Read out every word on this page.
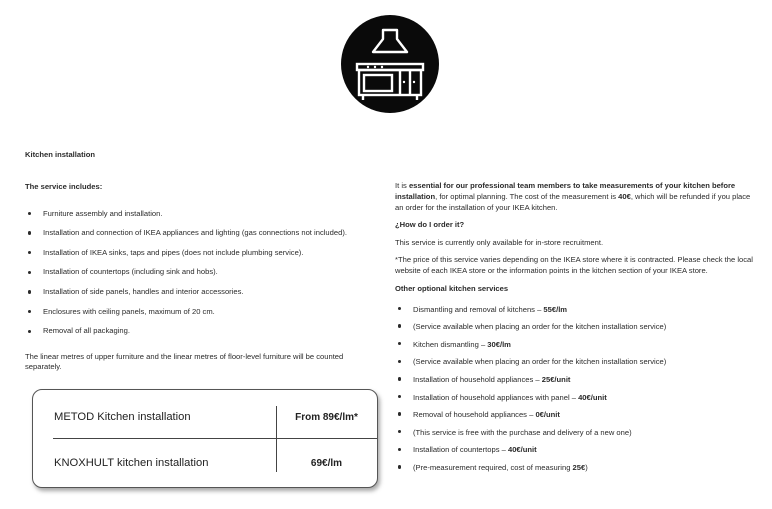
Kitchen installation

The service includes:

Furniture assembly and installation.
Installation and connection of IKEA appliances and lighting (gas connections not included).
Installation of IKEA sinks, taps and pipes (does not include plumbing service).
Installation of countertops (including sink and hobs).
Installation of side panels, handles and interior accessories.
Enclosures with ceiling panels, maximum of 20 cm.
Removal of all packaging.

The linear metres of upper furniture and the linear metres of floor-level furniture will be counted separately.

METOD Kitchen installation	From 89€/lm*
KNOXHULT kitchen installation	69€/lm

It is essential for our professional team members to take measurements of your kitchen before installation, for optimal planning. The cost of the measurement is 40€, which will be refunded if you place an order for the installation of your IKEA kitchen.

¿How do I order it?

This service is currently only available for in-store recruitment.

*The price of this service varies depending on the IKEA store where it is contracted. Please check the local website of each IKEA store or the information points in the kitchen section of your IKEA store.

Other optional kitchen services

Dismantling and removal of kitchens – 55€/lm
(Service available when placing an order for the kitchen installation service)
Kitchen dismantling – 30€/lm
(Service available when placing an order for the kitchen installation service)
Installation of household appliances – 25€/unit
Installation of household appliances with panel – 40€/unit
Removal of household appliances – 0€/unit
(This service is free with the purchase and delivery of a new one)
Installation of countertops – 40€/unit
(Pre-measurement required, cost of measuring 25€)
